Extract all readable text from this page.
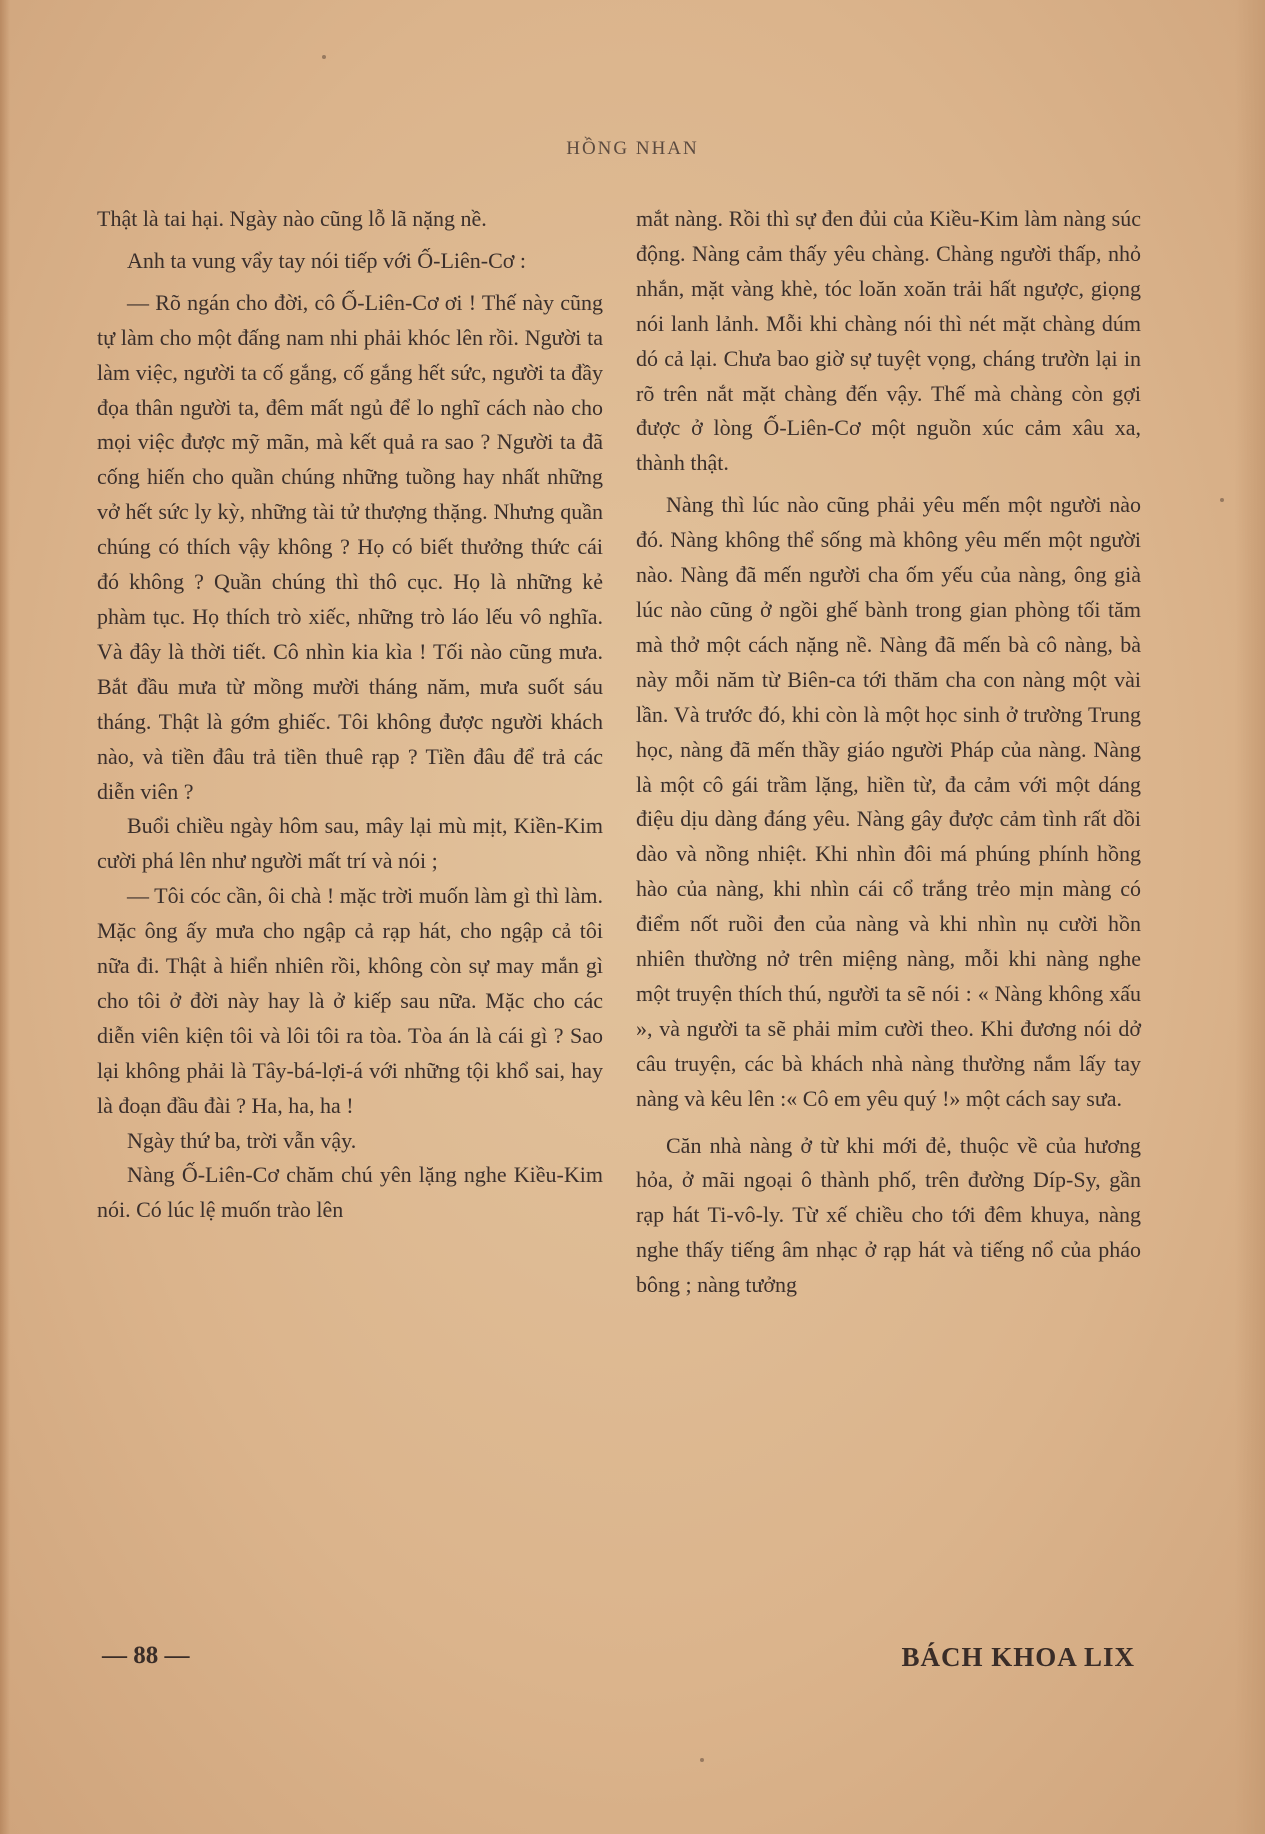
HỒNG NHAN

Thật là tai hại. Ngày nào cũng lỗ lã nặng nề.

Anh ta vung vẩy tay nói tiếp với Ố-Liên-Cơ :

— Rõ ngán cho đời, cô Ố-Liên-Cơ ơi ! Thế này cũng tự làm cho một đấng nam nhi phải khóc lên rồi. Người ta làm việc, người ta cố gắng, cố gắng hết sức, người ta đầy đọa thân người ta, đêm mất ngủ để lo nghĩ cách nào cho mọi việc được mỹ mãn, mà kết quả ra sao ? Người ta đã cống hiến cho quần chúng những tuồng hay nhất những vở hết sức ly kỳ, những tài tử thượng thặng. Nhưng quần chúng có thích vậy không ? Họ có biết thưởng thức cái đó không ? Quần chúng thì thô cục. Họ là những kẻ phàm tục. Họ thích trò xiếc, những trò láo lếu vô nghĩa. Và đây là thời tiết. Cô nhìn kia kìa ! Tối nào cũng mưa. Bắt đầu mưa từ mồng mười tháng năm, mưa suốt sáu tháng. Thật là gớm ghiếc. Tôi không được người khách nào, và tiền đâu trả tiền thuê rạp ? Tiền đâu để trả các diễn viên ?

Buổi chiều ngày hôm sau, mây lại mù mịt, Kiền-Kim cười phá lên như người mất trí và nói ;

— Tôi cóc cần, ôi chà ! mặc trời muốn làm gì thì làm. Mặc ông ấy mưa cho ngập cả rạp hát, cho ngập cả tôi nữa đi. Thật à hiển nhiên rồi, không còn sự may mắn gì cho tôi ở đời này hay là ở kiếp sau nữa. Mặc cho các diễn viên kiện tôi và lôi tôi ra tòa. Tòa án là cái gì ? Sao lại không phải là Tây-bá-lợi-á với những tội khổ sai, hay là đoạn đầu đài ? Ha, ha, ha !

Ngày thứ ba, trời vẫn vậy.

Nàng Ố-Liên-Cơ chăm chú yên lặng nghe Kiều-Kim nói. Có lúc lệ muốn trào lên

mắt nàng. Rồi thì sự đen đủi của Kiều-Kim làm nàng súc động. Nàng cảm thấy yêu chàng. Chàng người thấp, nhỏ nhắn, mặt vàng khè, tóc loăn xoăn trải hất ngược, giọng nói lanh lảnh. Mỗi khi chàng nói thì nét mặt chàng dúm dó cả lại. Chưa bao giờ sự tuyệt vọng, cháng trườn lại in rõ trên nắt mặt chàng đến vậy. Thế mà chàng còn gợi được ở lòng Ố-Liên-Cơ một nguồn xúc cảm xâu xa, thành thật.

Nàng thì lúc nào cũng phải yêu mến một người nào đó. Nàng không thể sống mà không yêu mến một người nào. Nàng đã mến người cha ốm yếu của nàng, ông già lúc nào cũng ở ngồi ghế bành trong gian phòng tối tăm mà thở một cách nặng nề. Nàng đã mến bà cô nàng, bà này mỗi năm từ Biên-ca tới thăm cha con nàng một vài lần. Và trước đó, khi còn là một học sinh ở trường Trung học, nàng đã mến thầy giáo người Pháp của nàng. Nàng là một cô gái trầm lặng, hiền từ, đa cảm với một dáng điệu dịu dàng đáng yêu. Nàng gây được cảm tình rất dồi dào và nồng nhiệt. Khi nhìn đôi má phúng phính hồng hào của nàng, khi nhìn cái cổ trắng trẻo mịn màng có điểm nốt ruồi đen của nàng và khi nhìn nụ cười hồn nhiên thường nở trên miệng nàng, mỗi khi nàng nghe một truyện thích thú, người ta sẽ nói : « Nàng không xấu », và người ta sẽ phải mỉm cười theo. Khi đương nói dở câu truyện, các bà khách nhà nàng thường nắm lấy tay nàng và kêu lên :« Cô em yêu quý !» một cách say sưa.

Căn nhà nàng ở từ khi mới đẻ, thuộc về của hương hỏa, ở mãi ngoại ô thành phố, trên đường Díp-Sy, gần rạp hát Ti-vô-ly. Từ xế chiều cho tới đêm khuya, nàng nghe thấy tiếng âm nhạc ở rạp hát và tiếng nổ của pháo bông ; nàng tưởng

— 88 —	BÁCH KHOA LIX
